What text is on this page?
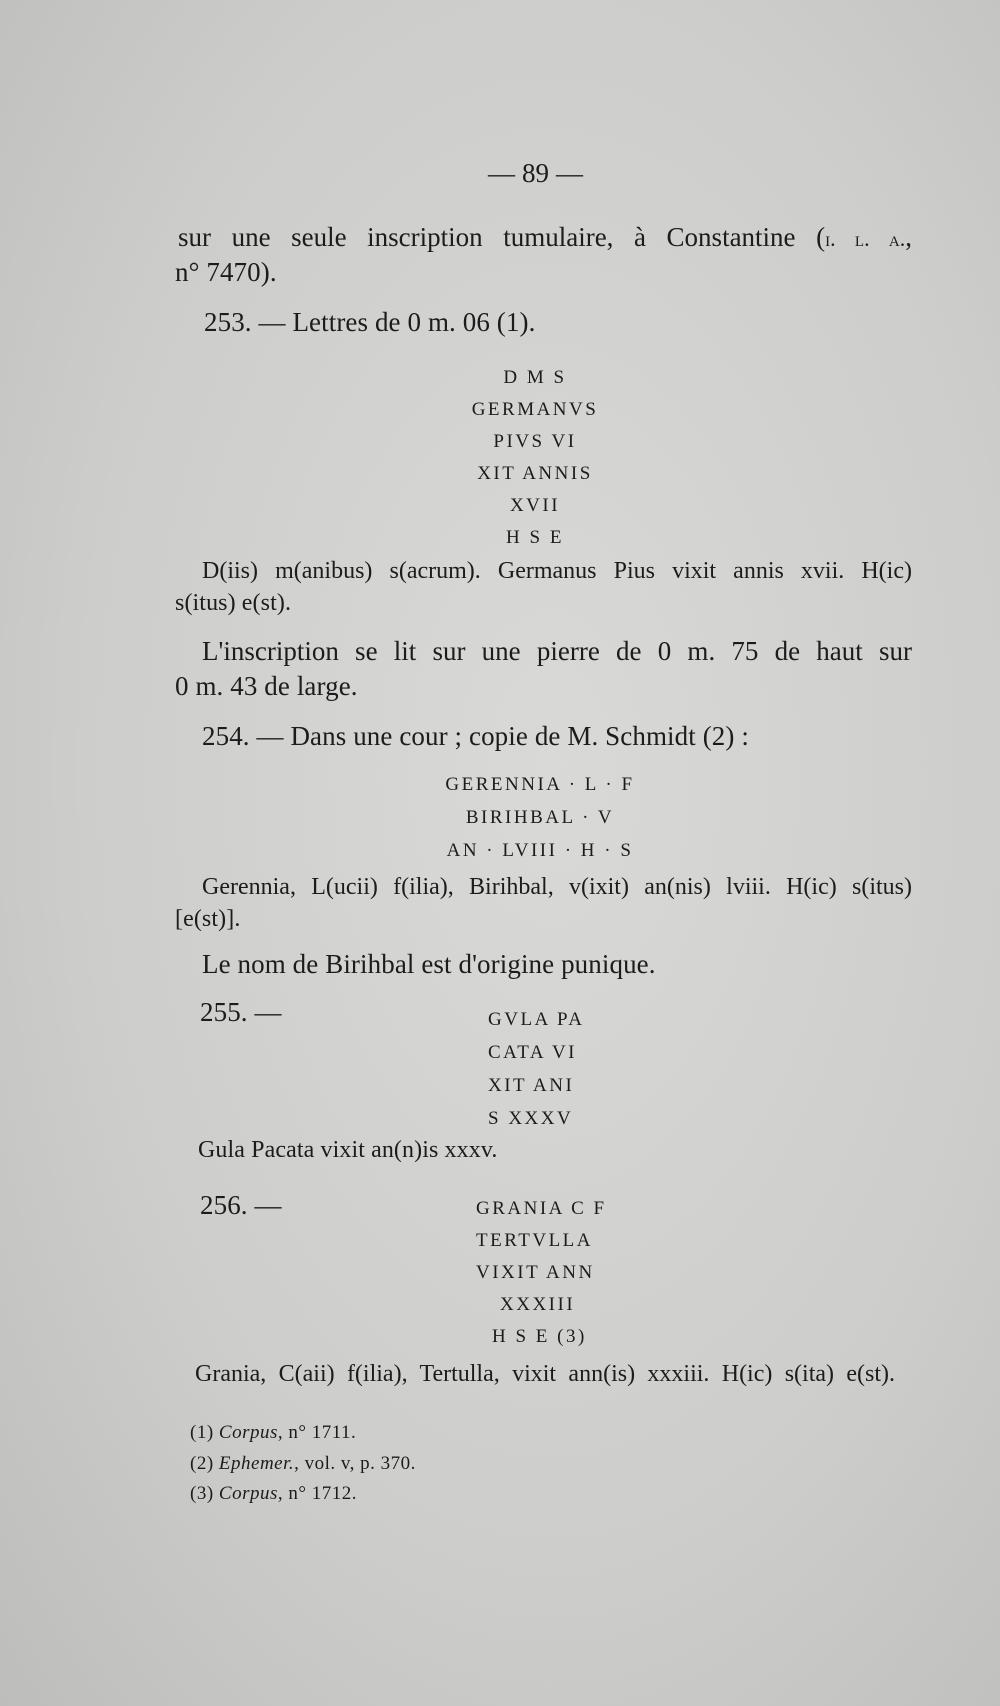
— 89 —
sur une seule inscription tumulaire, à Constantine (i. l. a.,
n° 7470).
253. — Lettres de 0 m. 06 (1).
D M S
GERMANVS
PIVS VI
XIT ANNIS
XVII
H S E
D(iis) m(anibus) s(acrum). Germanus Pius vixit annis xvii. H(ic)
s(itus) e(st).
L'inscription se lit sur une pierre de 0 m. 75 de haut sur
0 m. 43 de large.
254. — Dans une cour ; copie de M. Schmidt (2) :
GERENNIA · L · F
BIRIHBAL · V
AN · LVIII · H · S
Gerennia, L(ucii) f(ilia), Birihbal, v(ixit) an(nis) lviii. H(ic) s(itus)
[e(st)].
Le nom de Birihbal est d'origine punique.
255. —	GVLA PA
CATA VI
XIT ANI
S XXXV
Gula Pacata vixit an(n)is xxxv.
256. —	GRANIA C F
TERTVLLA
VIXIT ANN
XXXIII
H S E (3)
Grania, C(aii) f(ilia), Tertulla, vixit ann(is) xxxiii. H(ic) s(ita) e(st).
(1) Corpus, n° 1711.
(2) Ephemer., vol. v, p. 370.
(3) Corpus, n° 1712.
